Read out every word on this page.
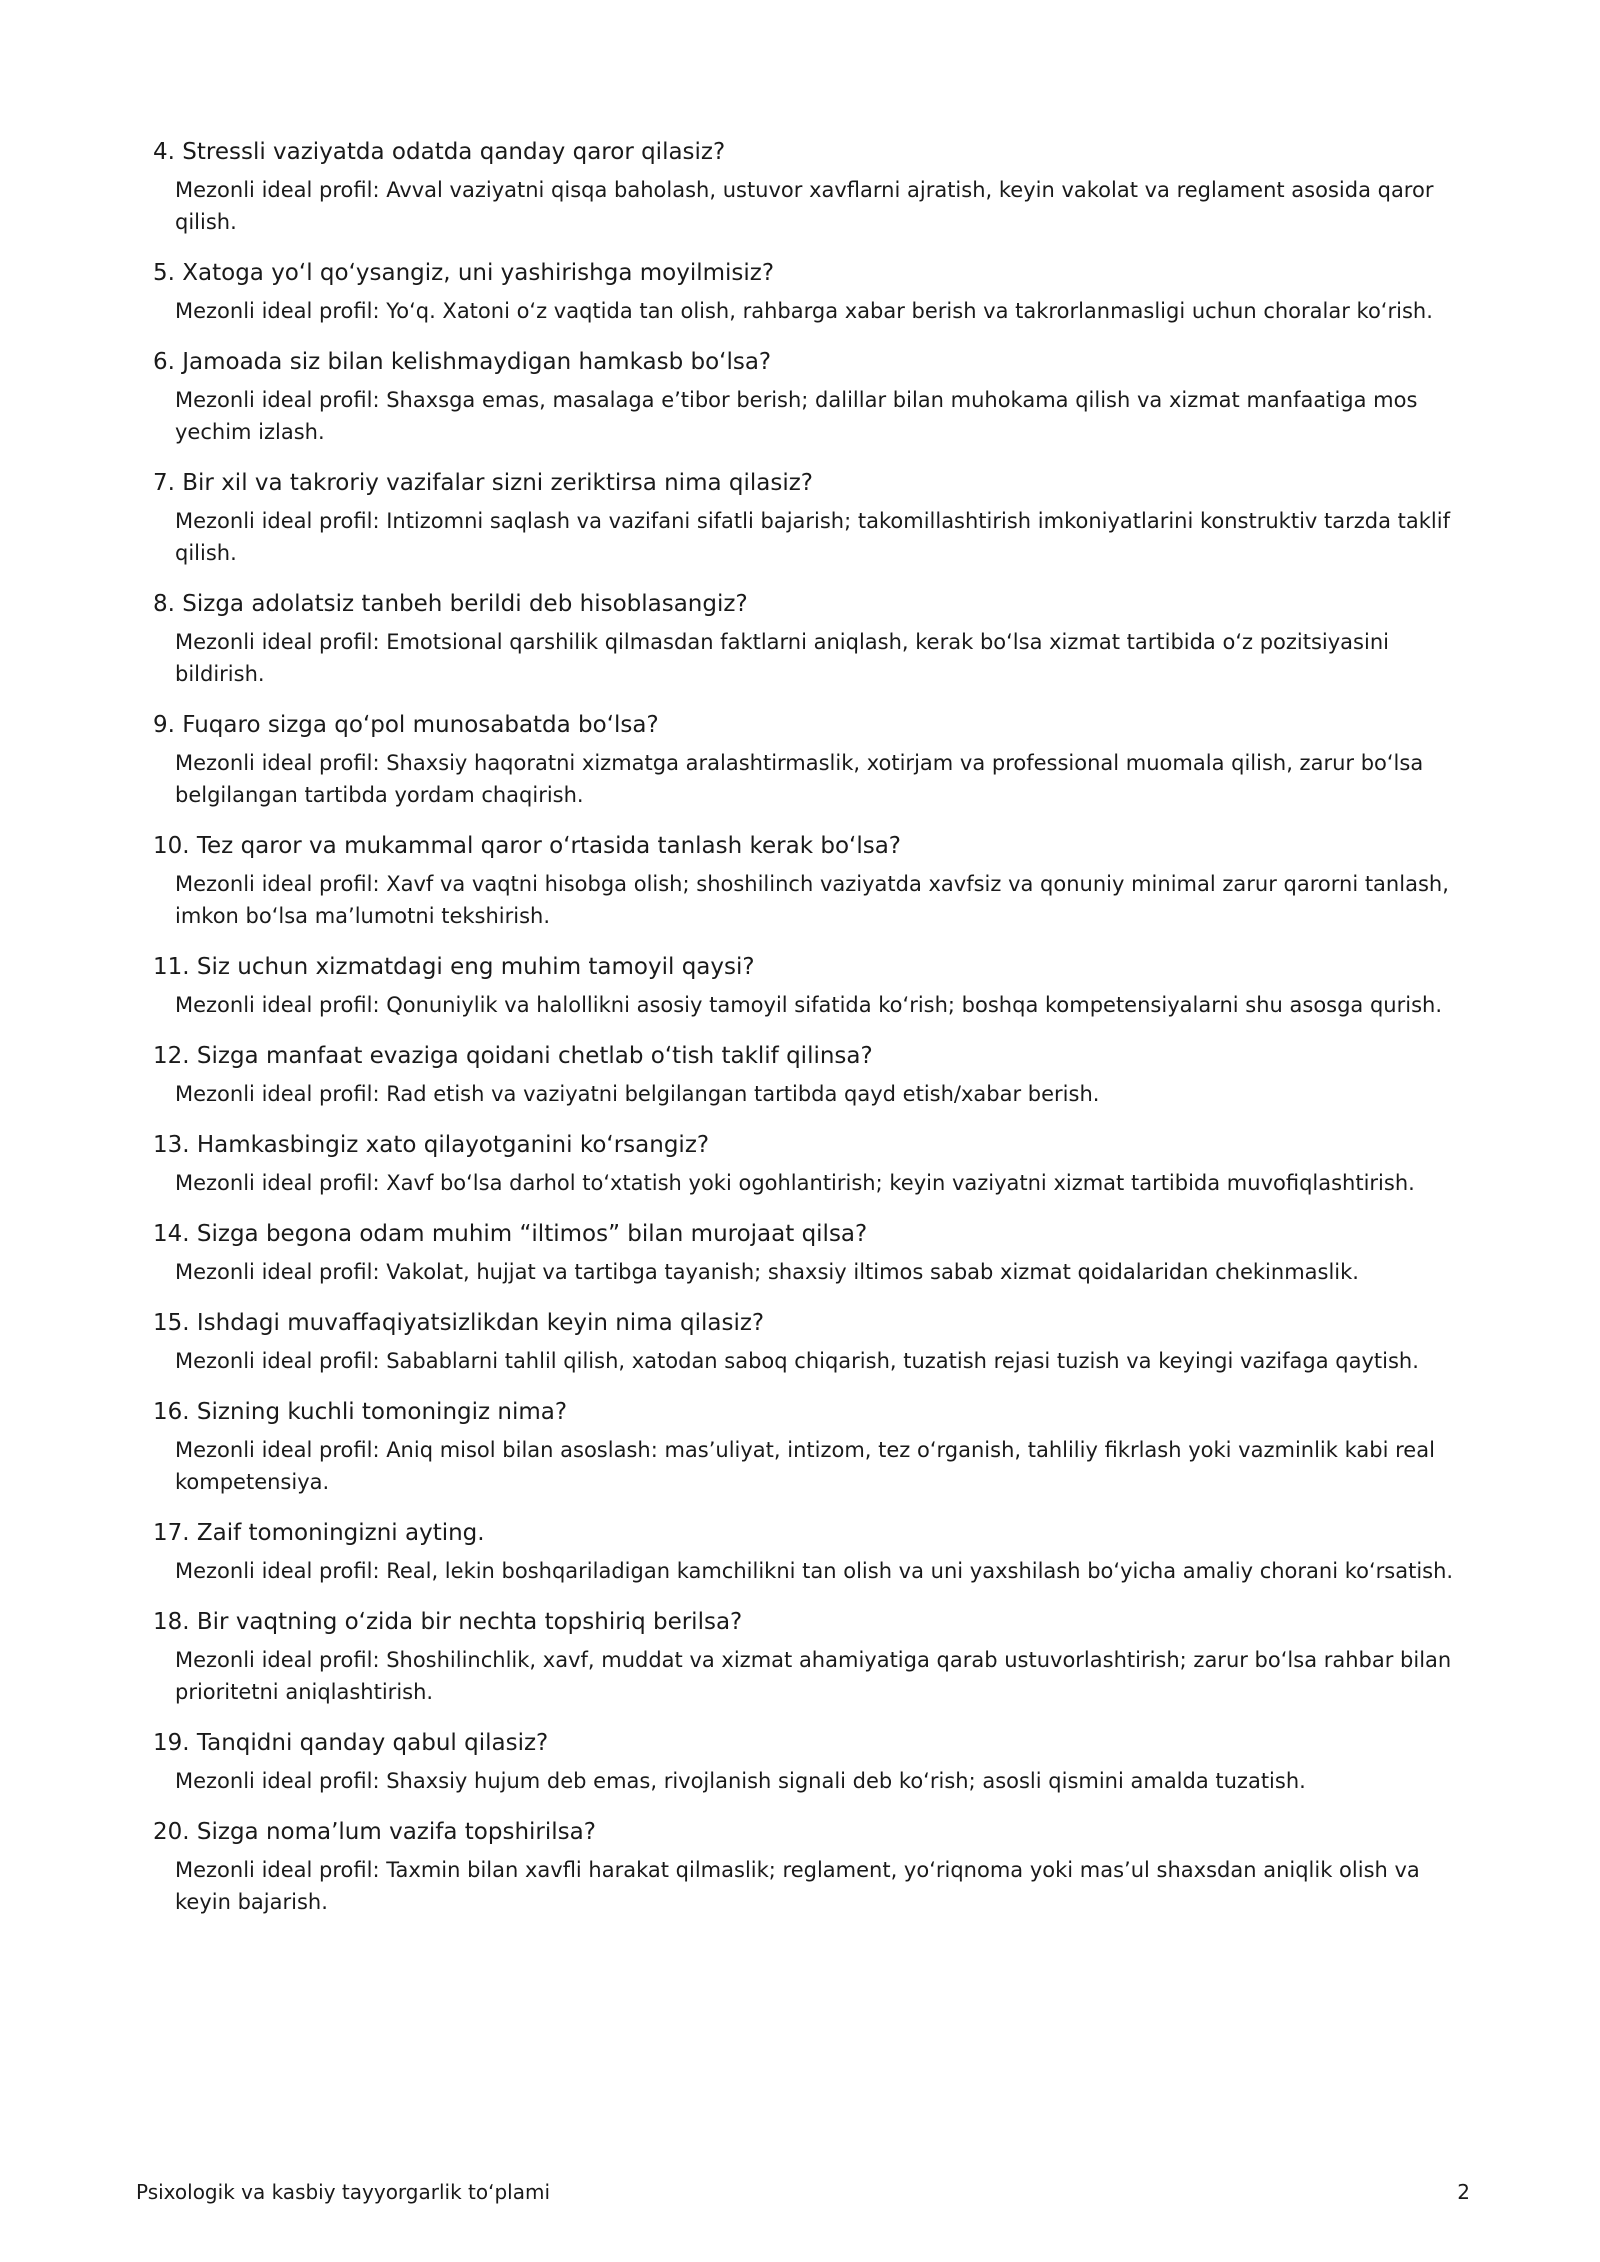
4. Stressli vaziyatda odatda qanday qaror qilasiz?
Mezonli ideal profil: Avval vaziyatni qisqa baholash, ustuvor xavflarni ajratish, keyin vakolat va reglament asosida qaror qilish.
5. Xatoga yoʻl qoʻysangiz, uni yashirishga moyilmisiz?
Mezonli ideal profil: Yoʻq. Xatoni oʻz vaqtida tan olish, rahbarga xabar berish va takrorlanmasligi uchun choralar koʻrish.
6. Jamoada siz bilan kelishmaydigan hamkasb boʻlsa?
Mezonli ideal profil: Shaxsga emas, masalaga e’tibor berish; dalillar bilan muhokama qilish va xizmat manfaatiga mos yechim izlash.
7. Bir xil va takroriy vazifalar sizni zeriktirsa nima qilasiz?
Mezonli ideal profil: Intizomni saqlash va vazifani sifatli bajarish; takomillashtirish imkoniyatlarini konstruktiv tarzda taklif qilish.
8. Sizga adolatsiz tanbeh berildi deb hisoblasangiz?
Mezonli ideal profil: Emotsional qarshilik qilmasdan faktlarni aniqlash, kerak boʻlsa xizmat tartibida oʻz pozitsiyasini bildirish.
9. Fuqaro sizga qoʻpol munosabatda boʻlsa?
Mezonli ideal profil: Shaxsiy haqoratni xizmatga aralashtirmaslik, xotirjam va professional muomala qilish, zarur boʻlsa belgilangan tartibda yordam chaqirish.
10. Tez qaror va mukammal qaror oʻrtasida tanlash kerak boʻlsa?
Mezonli ideal profil: Xavf va vaqtni hisobga olish; shoshilinch vaziyatda xavfsiz va qonuniy minimal zarur qarorni tanlash, imkon boʻlsa ma’lumotni tekshirish.
11. Siz uchun xizmatdagi eng muhim tamoyil qaysi?
Mezonli ideal profil: Qonuniylik va halollikni asosiy tamoyil sifatida koʻrish; boshqa kompetensiyalarni shu asosga qurish.
12. Sizga manfaat evaziga qoidani chetlab oʻtish taklif qilinsa?
Mezonli ideal profil: Rad etish va vaziyatni belgilangan tartibda qayd etish/xabar berish.
13. Hamkasbingiz xato qilayotganini koʻrsangiz?
Mezonli ideal profil: Xavf boʻlsa darhol toʻxtatish yoki ogohlantirish; keyin vaziyatni xizmat tartibida muvofiqlashtirish.
14. Sizga begona odam muhim “iltimos” bilan murojaat qilsa?
Mezonli ideal profil: Vakolat, hujjat va tartibga tayanish; shaxsiy iltimos sabab xizmat qoidalaridan chekinmaslik.
15. Ishdagi muvaffaqiyatsizlikdan keyin nima qilasiz?
Mezonli ideal profil: Sabablarni tahlil qilish, xatodan saboq chiqarish, tuzatish rejasi tuzish va keyingi vazifaga qaytish.
16. Sizning kuchli tomoningiz nima?
Mezonli ideal profil: Aniq misol bilan asoslash: mas’uliyat, intizom, tez oʻrganish, tahliliy fikrlash yoki vazminlik kabi real kompetensiya.
17. Zaif tomoningizni ayting.
Mezonli ideal profil: Real, lekin boshqariladigan kamchilikni tan olish va uni yaxshilash boʻyicha amaliy chorani koʻrsatish.
18. Bir vaqtning oʻzida bir nechta topshiriq berilsa?
Mezonli ideal profil: Shoshilinchlik, xavf, muddat va xizmat ahamiyatiga qarab ustuvorlashtirish; zarur boʻlsa rahbar bilan prioritetni aniqlashtirish.
19. Tanqidni qanday qabul qilasiz?
Mezonli ideal profil: Shaxsiy hujum deb emas, rivojlanish signali deb koʻrish; asosli qismini amalda tuzatish.
20. Sizga nomaʼlum vazifa topshirilsa?
Mezonli ideal profil: Taxmin bilan xavfli harakat qilmaslik; reglament, yoʻriqnoma yoki mas’ul shaxsdan aniqlik olish va keyin bajarish.
Psixologik va kasbiy tayyorgarlik toʻplami	2
